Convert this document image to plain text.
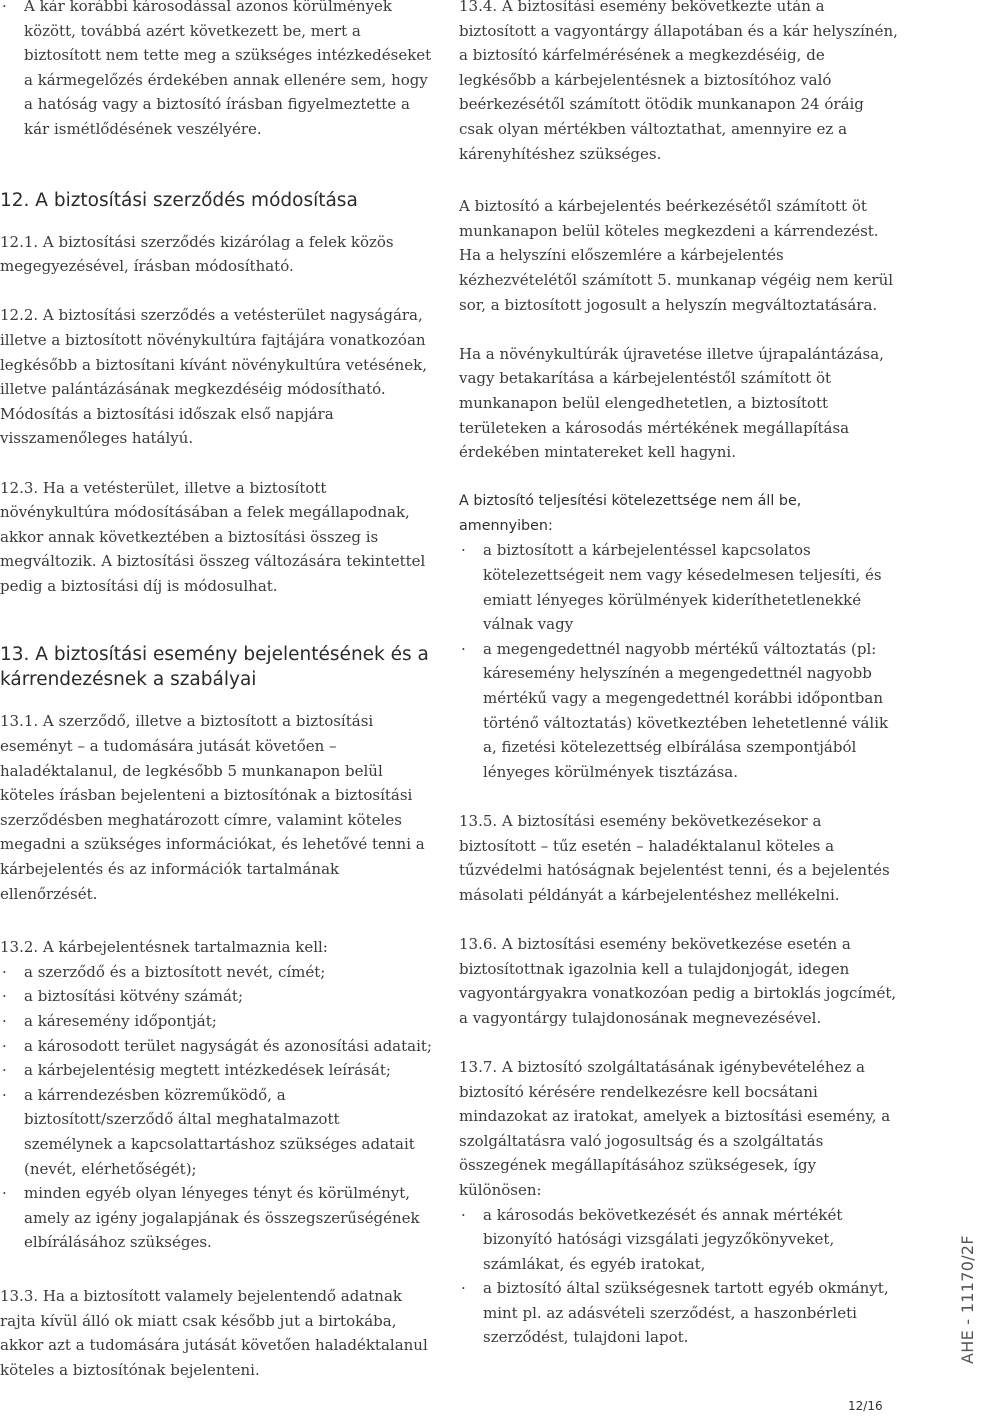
· A kár korábbi károsodással azonos körülmények között, továbbá azért következett be, mert a biztosított nem tette meg a szükséges intézkedéseket a kármegelőzés érdekében annak ellenére sem, hogy a hatóság vagy a biztosító írásban figyelmeztette a kár ismétlődésének veszélyére.
12. A biztosítási szerződés módosítása

12.1. A biztosítási szerződés kizárólag a felek közös megegyezésével, írásban módosítható.

12.2. A biztosítási szerződés a vetésterület nagyságára, illetve a biztosított növénykultúra fajtájára vonatkozóan legkésőbb a biztosítani kívánt növénykultúra vetésének, illetve palántázásának megkezdéséig módosítható. Módosítás a biztosítási időszak első napjára visszamenőleges hatályú.

12.3. Ha a vetésterület, illetve a biztosított növénykultúra módosításában a felek megállapodnak, akkor annak következtében a biztosítási összeg is megváltozik. A biztosítási összeg változására tekintettel pedig a biztosítási díj is módosulhat.

13. A biztosítási esemény bejelentésének és a kárrendezésnek a szabályai

13.1. A szerződő, illetve a biztosított a biztosítási eseményt – a tudomására jutását követően – haladéktalanul, de legkésőbb 5 munkanapon belül köteles írásban bejelenteni a biztosítónak a biztosítási szerződésben meghatározott címre, valamint köteles megadni a szükséges információkat, és lehetővé tenni a kárbejelentés és az információk tartalmának ellenőrzését.

13.2. A kárbejelentésnek tartalmaznia kell:

· a szerződő és a biztosított nevét, címét;
· a biztosítási kötvény számát;
· a káresemény időpontját;
· a károsodott terület nagyságát és azonosítási adatait;
· a kárbejelentésig megtett intézkedések leírását;
· a kárrendezésben közreműködő, a biztosított/szerződő által meghatalmazott személynek a kapcsolattartáshoz szükséges adatait (nevét, elérhetőségét);
· minden egyéb olyan lényeges tényt és körülményt, amely az igény jogalapjának és összegszerűségének elbírálásához szükséges.

13.3. Ha a biztosított valamely bejelentendő adatnak rajta kívül álló ok miatt csak később jut a birtokába, akkor azt a tudomására jutását követően haladéktalanul köteles a biztosítónak bejelenteni.

13.4. A biztosítási esemény bekövetkezte után a biztosított a vagyontárgy állapotában és a kár helyszínén, a biztosító kárfelmérésének a megkezdéséig, de legkésőbb a kárbejelentésnek a biztosítóhoz való beérkezésétől számított ötödik munkanapon 24 óráig csak olyan mértékben változtathat, amennyire ez a kárenyhítéshez szükséges.

A biztosító a kárbejelentés beérkezésétől számított öt munkanapon belül köteles megkezdeni a kárrendezést. Ha a helyszíni előszemlére a kárbejelentés kézhezvételétől számított 5. munkanap végéig nem kerül sor, a biztosított jogosult a helyszín megváltoztatására.

Ha a növénykultúrák újravetése illetve újrapalántázása, vagy betakarítása a kárbejelentéstől számított öt munkanapon belül elengedhetetlen, a biztosított területeken a károsodás mértékének megállapítása érdekében mintatereket kell hagyni.

A biztosító teljesítési kötelezettsége nem áll be, amennyiben:

· a biztosított a kárbejelentéssel kapcsolatos kötelezettségeit nem vagy késedelmesen teljesíti, és emiatt lényeges körülmények kideríthetetlenekké válnak vagy
· a megengedettnél nagyobb mértékű változtatás (pl: káresemény helyszínén a megengedettnél nagyobb mértékű vagy a megengedettnél korábbi időpontban történő változtatás) következtében lehetetlenné válik a, fizetési kötelezettség elbírálása szempontjából lényeges körülmények tisztázása.

13.5. A biztosítási esemény bekövetkezésekor a biztosított – tűz esetén – haladéktalanul köteles a tűzvédelmi hatóságnak bejelentést tenni, és a bejelentés másolati példányát a kárbejelentéshez mellékelni.

13.6. A biztosítási esemény bekövetkezése esetén a biztosítottnak igazolnia kell a tulajdonjogát, idegen vagyontárgyakra vonatkozóan pedig a birtoklás jogcímét, a vagyontárgy tulajdonosának megnevezésével.

13.7. A biztosító szolgáltatásának igénybevételéhez a biztosító kérésére rendelkezésre kell bocsátani mindazokat az iratokat, amelyek a biztosítási esemény, a szolgáltatásra való jogosultság és a szolgáltatás összegének megállapításához szükségesek, így különösen:

· a károsodás bekövetkezését és annak mértékét bizonyító hatósági vizsgálati jegyzőkönyveket, számlákat, és egyéb iratokat,
· a biztosító által szükségesnek tartott egyéb okmányt, mint pl. az adásvételi szerződést, a haszonbérleti szerződést, tulajdoni lapot.	AHE - 11170/2F
12/16
